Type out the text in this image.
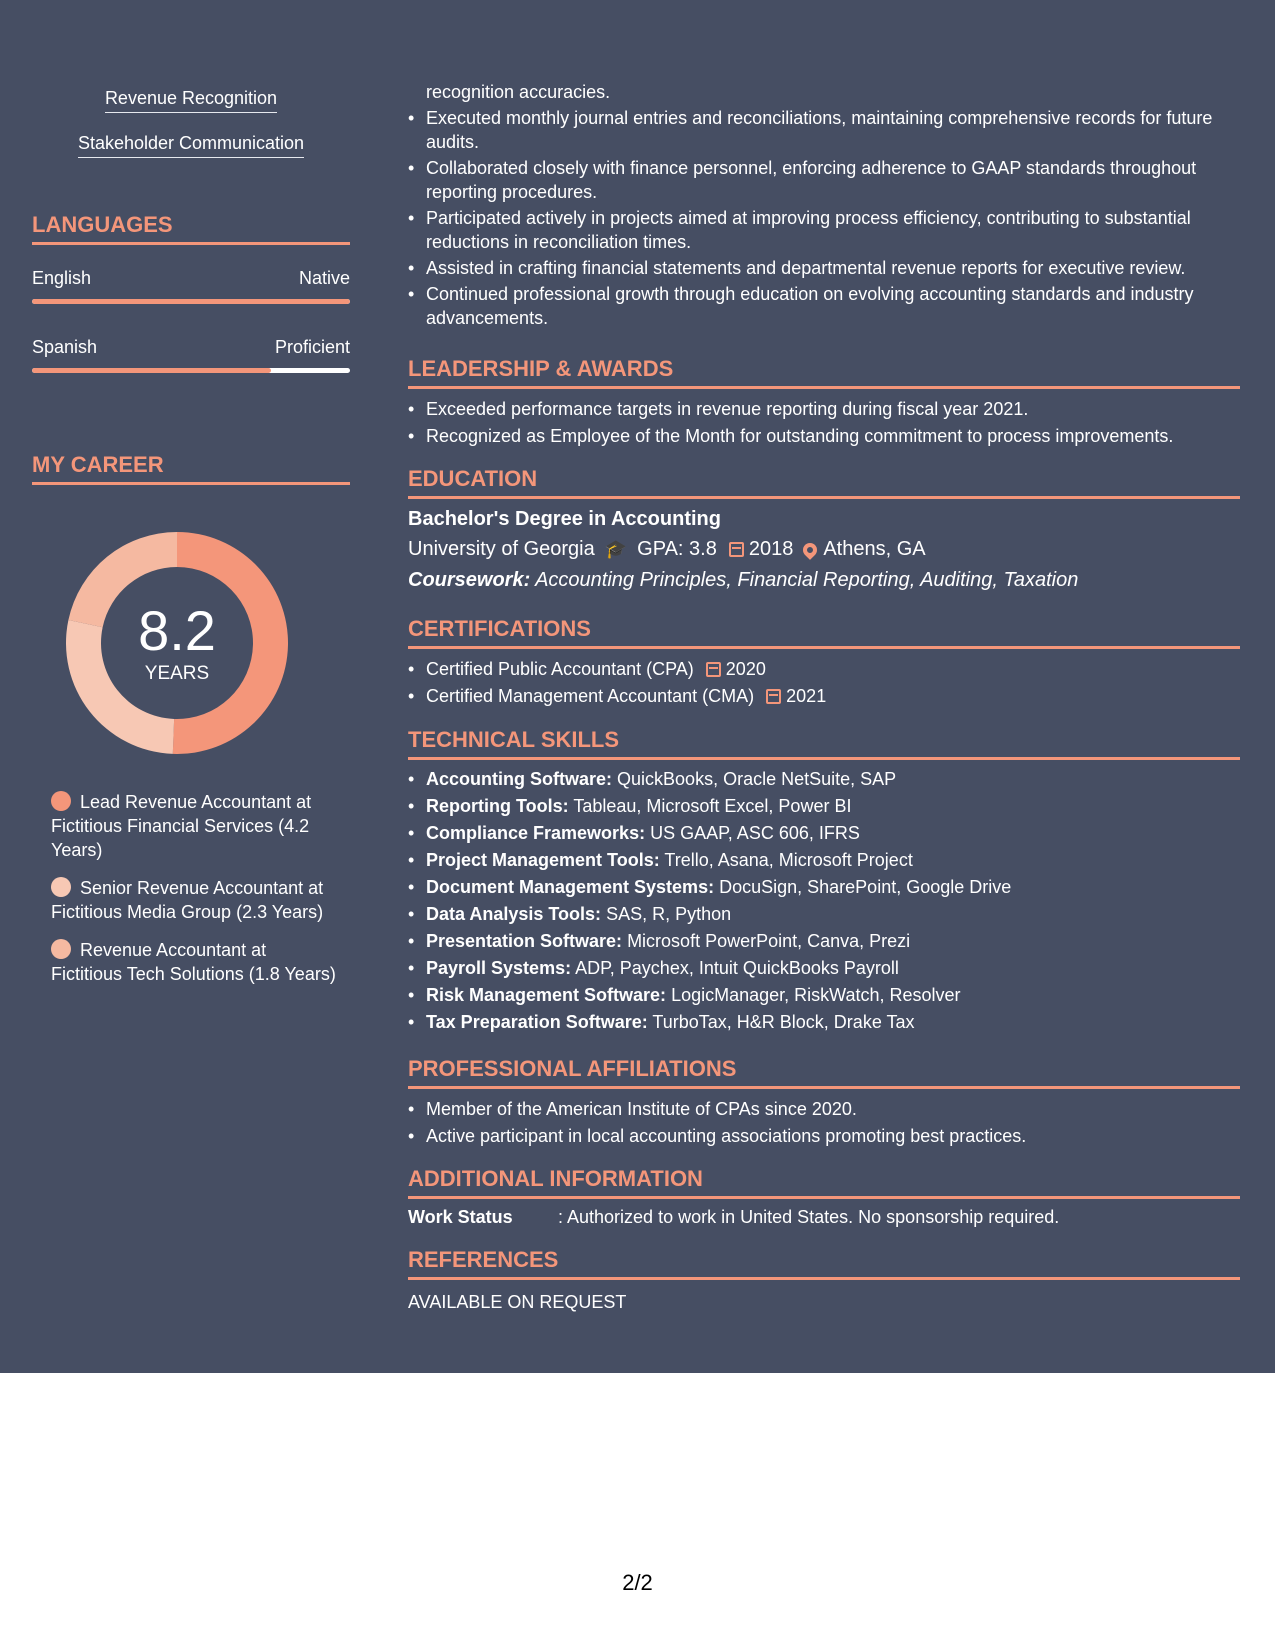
Revenue Recognition
Stakeholder Communication
LANGUAGES
English	Native
Spanish	Proficient
MY CAREER
8.2
YEARS
Lead Revenue Accountant at Fictitious Financial Services (4.2 Years)
Senior Revenue Accountant at Fictitious Media Group (2.3 Years)
Revenue Accountant at Fictitious Tech Solutions (1.8 Years)
recognition accuracies.
• Executed monthly journal entries and reconciliations, maintaining comprehensive records for future audits.
• Collaborated closely with finance personnel, enforcing adherence to GAAP standards throughout reporting procedures.
• Participated actively in projects aimed at improving process efficiency, contributing to substantial reductions in reconciliation times.
• Assisted in crafting financial statements and departmental revenue reports for executive review.
• Continued professional growth through education on evolving accounting standards and industry advancements.
LEADERSHIP & AWARDS
• Exceeded performance targets in revenue reporting during fiscal year 2021.
• Recognized as Employee of the Month for outstanding commitment to process improvements.
EDUCATION
Bachelor's Degree in Accounting
University of Georgia 🎓 GPA: 3.8 2018 Athens, GA
Coursework: Accounting Principles, Financial Reporting, Auditing, Taxation
CERTIFICATIONS
• Certified Public Accountant (CPA) 2020
• Certified Management Accountant (CMA) 2021
TECHNICAL SKILLS
• Accounting Software: QuickBooks, Oracle NetSuite, SAP
• Reporting Tools: Tableau, Microsoft Excel, Power BI
• Compliance Frameworks: US GAAP, ASC 606, IFRS
• Project Management Tools: Trello, Asana, Microsoft Project
• Document Management Systems: DocuSign, SharePoint, Google Drive
• Data Analysis Tools: SAS, R, Python
• Presentation Software: Microsoft PowerPoint, Canva, Prezi
• Payroll Systems: ADP, Paychex, Intuit QuickBooks Payroll
• Risk Management Software: LogicManager, RiskWatch, Resolver
• Tax Preparation Software: TurboTax, H&R Block, Drake Tax
PROFESSIONAL AFFILIATIONS
• Member of the American Institute of CPAs since 2020.
• Active participant in local accounting associations promoting best practices.
ADDITIONAL INFORMATION
Work Status	: Authorized to work in United States. No sponsorship required.
REFERENCES
AVAILABLE ON REQUEST
2/2
